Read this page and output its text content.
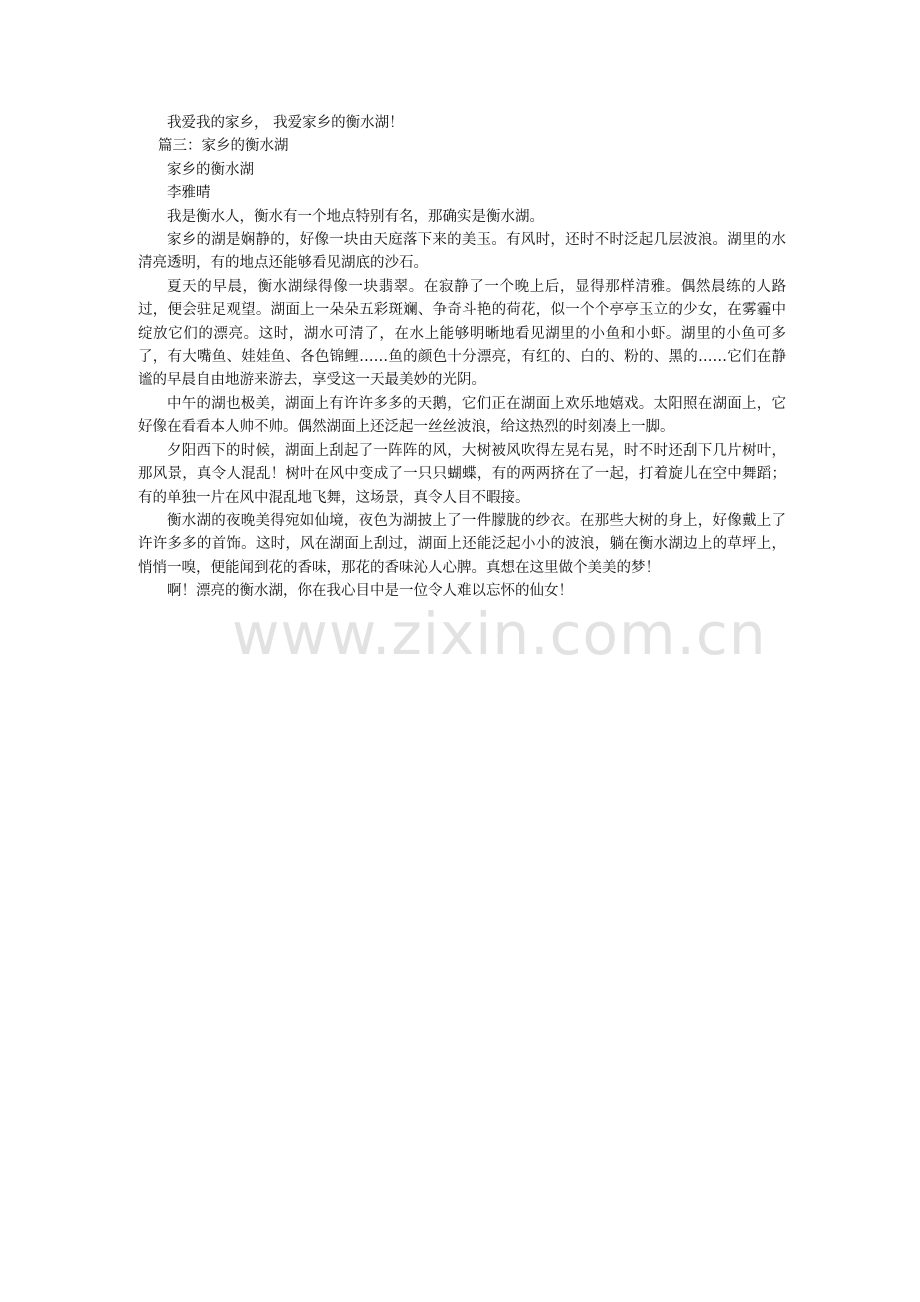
我爱我的家乡， 我爱家乡的衡水湖！
篇三：家乡的衡水湖
家乡的衡水湖
李雅晴

我是衡水人，衡水有一个地点特别有名，那确实是衡水湖。

家乡的湖是娴静的，好像一块由天庭落下来的美玉。有风时，还时不时泛起几层波浪。湖里的水清亮透明，有的地点还能够看见湖底的沙石。

夏天的早晨，衡水湖绿得像一块翡翠。在寂静了一个晚上后，显得那样清雅。偶然晨练的人路过，便会驻足观望。湖面上一朵朵五彩斑斓、争奇斗艳的荷花，似一个个亭亭玉立的少女，在雾霾中绽放它们的漂亮。这时，湖水可清了，在水上能够明晰地看见湖里的小鱼和小虾。湖里的小鱼可多了，有大嘴鱼、娃娃鱼、各色锦鲤……鱼的颜色十分漂亮，有红的、白的、粉的、黑的……它们在静谧的早晨自由地游来游去，享受这一天最美妙的光阴。

中午的湖也极美，湖面上有许许多多的天鹅，它们正在湖面上欢乐地嬉戏。太阳照在湖面上，它好像在看看本人帅不帅。偶然湖面上还泛起一丝丝波浪，给这热烈的时刻凑上一脚。

夕阳西下的时候，湖面上刮起了一阵阵的风，大树被风吹得左晃右晃，时不时还刮下几片树叶，那风景，真令人混乱！树叶在风中变成了一只只蝴蝶，有的两两挤在了一起，打着旋儿在空中舞蹈；有的单独一片在风中混乱地飞舞，这场景，真令人目不暇接。

衡水湖的夜晚美得宛如仙境，夜色为湖披上了一件朦胧的纱衣。在那些大树的身上，好像戴上了许许多多的首饰。这时，风在湖面上刮过，湖面上还能泛起小小的波浪，躺在衡水湖边上的草坪上，悄悄一嗅，便能闻到花的香味，那花的香味沁人心脾。真想在这里做个美美的梦！

啊！漂亮的衡水湖，你在我心目中是一位令人难以忘怀的仙女！

www.zixin.com.cn
